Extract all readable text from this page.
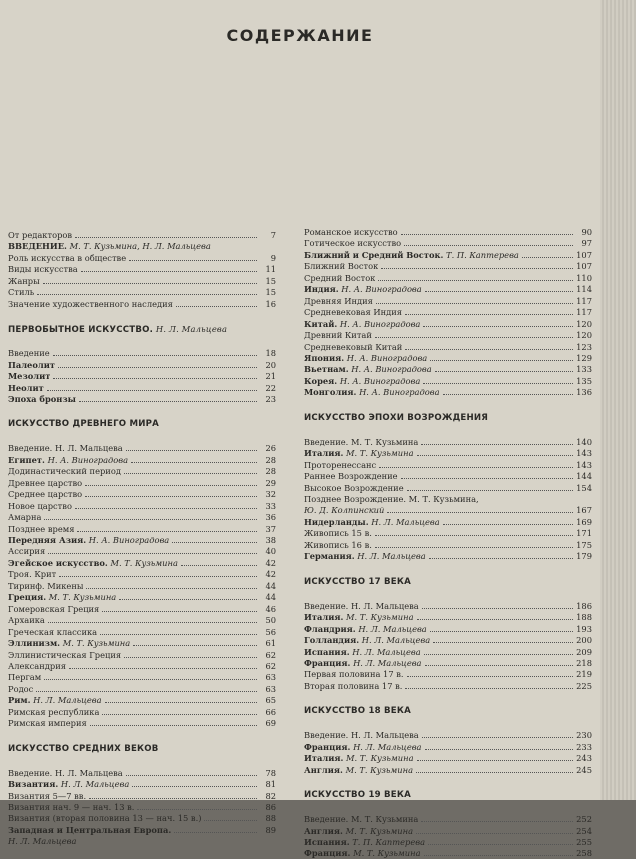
СОДЕРЖАНИЕ
От редакторов	7
ВВЕДЕНИЕ. М. Т. Кузьмина, Н. Л. Мальцева
Роль искусства в обществе	9
Виды искусства	11
Жанры	15
Стиль	15
Значение художественного наследия	16
ПЕРВОБЫТНОЕ ИСКУССТВО. Н. Л. Мальцева
Введение	18
Палеолит	20
Мезолит	21
Неолит	22
Эпоха бронзы	23
ИСКУССТВО ДРЕВНЕГО МИРА
Введение. Н. Л. Мальцева	26
Египет. Н. А. Виноградова	28
Додинастический период	28
Древнее царство	29
Среднее царство	32
Новое царство	33
Амарна	36
Позднее время	37
Передняя Азия. Н. А. Виноградова	38
Ассирия	40
Эгейское искусство. М. Т. Кузьмина	42
Троя. Крит	42
Тиринф. Микены	44
Греция. М. Т. Кузьмина	44
Гомеровская Греция	46
Архаика	50
Греческая классика	56
Эллинизм. М. Т. Кузьмина	61
Эллинистическая Греция	62
Александрия	62
Пергам	63
Родос	63
Рим. Н. Л. Мальцева	65
Римская республика	66
Римская империя	69
ИСКУССТВО СРЕДНИХ ВЕКОВ
Введение. Н. Л. Мальцева	78
Византия. Н. Л. Мальцева	81
Византия 5—7 вв.	82
Византия нач. 9 — нач. 13 в.	86
Византия (вторая половина 13 — нач. 15 в.)	88
Западная и Центральная Европа.	89
Н. Л. Мальцева
Романское искусство	90
Готическое искусство	97
Ближний и Средний Восток. Т. П. Каптерева	107
Ближний Восток	107
Средний Восток	110
Индия. Н. А. Виноградова	114
Древняя Индия	117
Средневековая Индия	117
Китай. Н. А. Виноградова	120
Древний Китай	120
Средневековый Китай	123
Япония. Н. А. Виноградова	129
Вьетнам. Н. А. Виноградова	133
Корея. Н. А. Виноградова	135
Монголия. Н. А. Виноградова	136
ИСКУССТВО ЭПОХИ ВОЗРОЖДЕНИЯ
Введение. М. Т. Кузьмина	140
Италия. М. Т. Кузьмина	143
Протоpенессанс	143
Раннее Возрождение	144
Высокое Возрождение	154
Позднее Возрождение. М. Т. Кузьмина,
Ю. Д. Колпинский	167
Нидерланды. Н. Л. Мальцева	169
Живопись 15 в.	171
Живопись 16 в.	175
Германия. Н. Л. Мальцева	179
ИСКУССТВО 17 ВЕКА
Введение. Н. Л. Мальцева	186
Италия. М. Т. Кузьмина	188
Фландрия. Н. Л. Мальцева	193
Голландия. Н. Л. Мальцева	200
Испания. Н. Л. Мальцева	209
Франция. Н. Л. Мальцева	218
Первая половина 17 в.	219
Вторая половина 17 в.	225
ИСКУССТВО 18 ВЕКА
Введение. Н. Л. Мальцева	230
Франция. Н. Л. Мальцева	233
Италия. М. Т. Кузьмина	243
Англия. М. Т. Кузьмина	245
ИСКУССТВО 19 ВЕКА
Введение. М. Т. Кузьмина	252
Англия. М. Т. Кузьмина	254
Испания. Т. П. Каптерева	255
Франция. М. Т. Кузьмина	258
